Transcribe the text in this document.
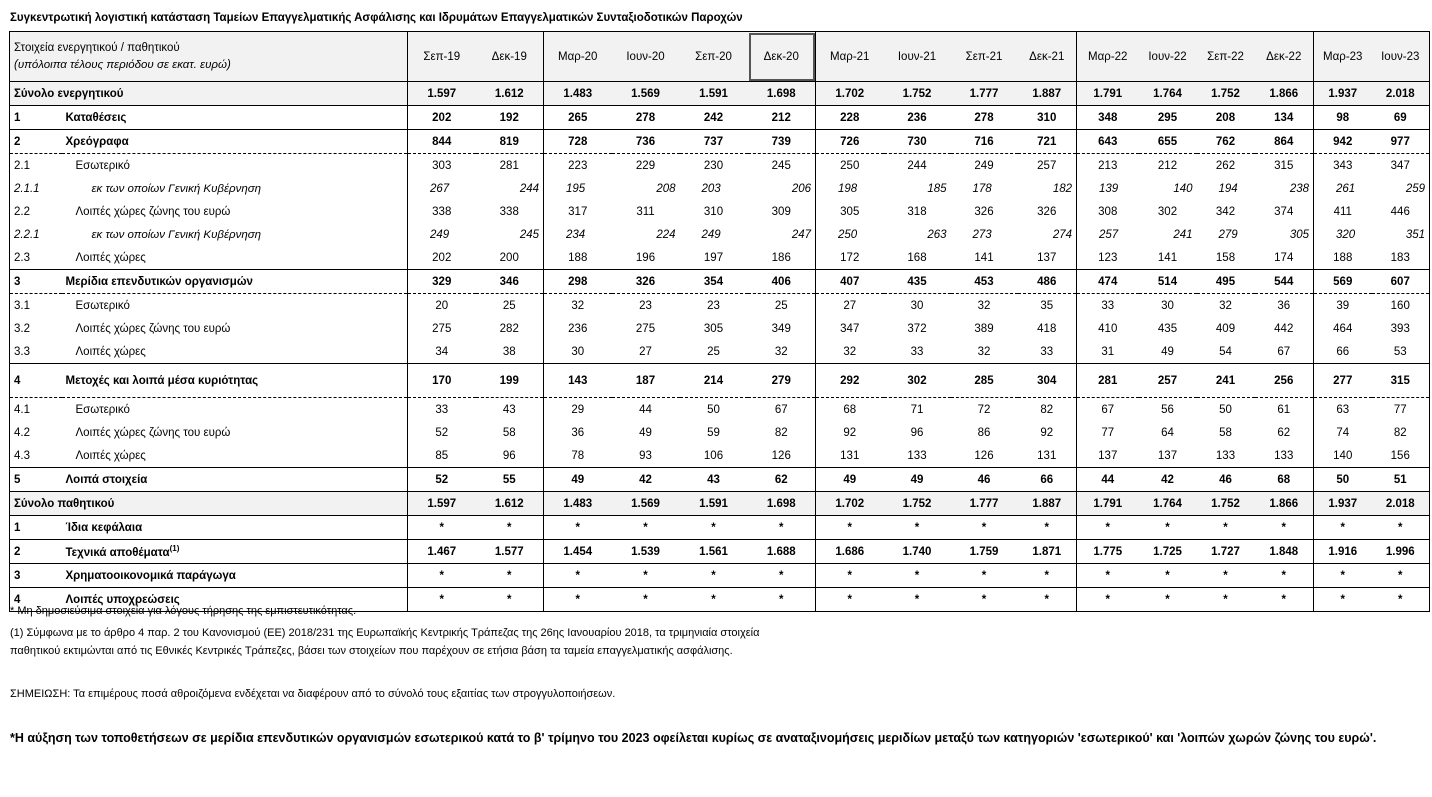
Συγκεντρωτική λογιστική κατάσταση Ταμείων Επαγγελματικής Ασφάλισης και Ιδρυμάτων Επαγγελματικών Συνταξιοδοτικών Παροχών
Στοιχεία ενεργητικού / παθητικού
(υπόλοιπα τέλους περιόδου σε εκατ. ευρώ)		Σεπ-19	Δεκ-19	Μαρ-20	Ιουν-20	Σεπ-20	Δεκ-20	Μαρ-21	Ιουν-21	Σεπ-21	Δεκ-21	Μαρ-22	Ιουν-22	Σεπ-22	Δεκ-22	Μαρ-23	Ιουν-23
Σύνολο ενεργητικού		1.597	1.612	1.483	1.569	1.591	1.698	1.702	1.752	1.777	1.887	1.791	1.764	1.752	1.866	1.937	2.018
1	Καταθέσεις	202	192	265	278	242	212	228	236	278	310	348	295	208	134	98	69
2	Χρεόγραφα	844	819	728	736	737	739	726	730	716	721	643	655	762	864	942	977
2.1	Εσωτερικό	303	281	223	229	230	245	250	244	249	257	213	212	262	315	343	347
2.1.1	εκ των οποίων Γενική Κυβέρνηση	267	244	195	208	203	206	198	185	178	182	139	140	194	238	261	259
2.2	Λοιπές χώρες ζώνης του ευρώ	338	338	317	311	310	309	305	318	326	326	308	302	342	374	411	446
2.2.1	εκ των οποίων Γενική Κυβέρνηση	249	245	234	224	249	247	250	263	273	274	257	241	279	305	320	351
2.3	Λοιπές χώρες	202	200	188	196	197	186	172	168	141	137	123	141	158	174	188	183
3	Μερίδια επενδυτικών οργανισμών	329	346	298	326	354	406	407	435	453	486	474	514	495	544	569	607
3.1	Εσωτερικό	20	25	32	23	23	25	27	30	32	35	33	30	32	36	39	160
3.2	Λοιπές χώρες ζώνης του ευρώ	275	282	236	275	305	349	347	372	389	418	410	435	409	442	464	393
3.3	Λοιπές χώρες	34	38	30	27	25	32	32	33	32	33	31	49	54	67	66	53
4	Μετοχές και λοιπά μέσα κυριότητας	170	199	143	187	214	279	292	302	285	304	281	257	241	256	277	315
4.1	Εσωτερικό	33	43	29	44	50	67	68	71	72	82	67	56	50	61	63	77
4.2	Λοιπές χώρες ζώνης του ευρώ	52	58	36	49	59	82	92	96	86	92	77	64	58	62	74	82
4.3	Λοιπές χώρες	85	96	78	93	106	126	131	133	126	131	137	137	133	133	140	156
5	Λοιπά στοιχεία	52	55	49	42	43	62	49	49	46	66	44	42	46	68	50	51
Σύνολο παθητικού		1.597	1.612	1.483	1.569	1.591	1.698	1.702	1.752	1.777	1.887	1.791	1.764	1.752	1.866	1.937	2.018
1	Ίδια κεφάλαια	*	*	*	*	*	*	*	*	*	*	*	*	*	*	*	*
2	Τεχνικά αποθέματα$^{(1)}$	1.467	1.577	1.454	1.539	1.561	1.688	1.686	1.740	1.759	1.871	1.775	1.725	1.727	1.848	1.916	1.996
3	Χρηματοοικονομικά παράγωγα	*	*	*	*	*	*	*	*	*	*	*	*	*	*	*	*
4	Λοιπές υποχρεώσεις	*	*	*	*	*	*	*	*	*	*	*	*	*	*	*	*
* Μη δημοσιεύσιμα στοιχεία για λόγους τήρησης της εμπιστευτικότητας.
(1) Σύμφωνα με το άρθρο 4 παρ. 2 του Κανονισμού (ΕΕ) 2018/231 της Ευρωπαϊκής Κεντρικής Τράπεζας της 26ης Ιανουαρίου 2018, τα τριμηνιαία στοιχεία παθητικού εκτιμώνται από τις Εθνικές Κεντρικές Τράπεζες, βάσει των στοιχείων που παρέχουν σε ετήσια βάση τα ταμεία επαγγελματικής ασφάλισης.
ΣΗΜΕΙΩΣΗ: Τα επιμέρους ποσά αθροιζόμενα ενδέχεται να διαφέρουν από το σύνολό τους εξαιτίας των στρογγυλοποιήσεων.
*Η αύξηση των τοποθετήσεων σε μερίδια επενδυτικών οργανισμών εσωτερικού κατά το β' τρίμηνο του 2023 οφείλεται κυρίως σε αναταξινομήσεις μεριδίων μεταξύ των κατηγοριών 'εσωτερικού' και 'λοιπών χωρών ζώνης του ευρώ'.
